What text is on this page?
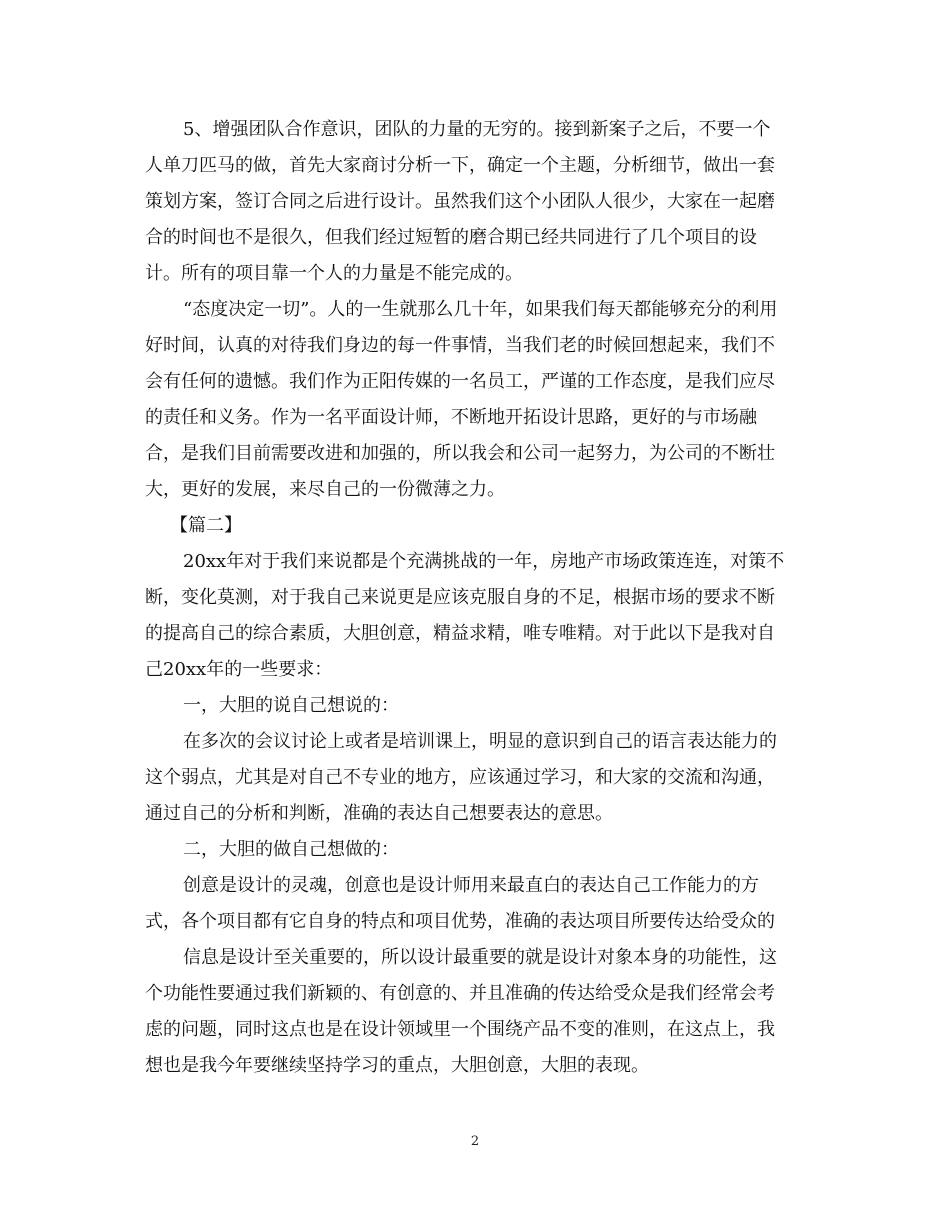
5、增强团队合作意识，团队的力量的无穷的。接到新案子之后，不要一个
人单刀匹马的做，首先大家商讨分析一下，确定一个主题，分析细节，做出一套
策划方案，签订合同之后进行设计。虽然我们这个小团队人很少，大家在一起磨
合的时间也不是很久，但我们经过短暂的磨合期已经共同进行了几个项目的设
计。所有的项目靠一个人的力量是不能完成的。
“态度决定一切”。人的一生就那么几十年，如果我们每天都能够充分的利用
好时间，认真的对待我们身边的每一件事情，当我们老的时候回想起来，我们不
会有任何的遗憾。我们作为正阳传媒的一名员工，严谨的工作态度，是我们应尽
的责任和义务。作为一名平面设计师，不断地开拓设计思路，更好的与市场融
合，是我们目前需要改进和加强的，所以我会和公司一起努力，为公司的不断壮
大，更好的发展，来尽自己的一份微薄之力。
【篇二】
20xx年对于我们来说都是个充满挑战的一年，房地产市场政策连连，对策不
断，变化莫测，对于我自己来说更是应该克服自身的不足，根据市场的要求不断
的提高自己的综合素质，大胆创意，精益求精，唯专唯精。对于此以下是我对自
己20xx年的一些要求：
一，大胆的说自己想说的：
在多次的会议讨论上或者是培训课上，明显的意识到自己的语言表达能力的
这个弱点，尤其是对自己不专业的地方，应该通过学习，和大家的交流和沟通，
通过自己的分析和判断，准确的表达自己想要表达的意思。
二，大胆的做自己想做的：
创意是设计的灵魂，创意也是设计师用来最直白的表达自己工作能力的方
式，各个项目都有它自身的特点和项目优势，准确的表达项目所要传达给受众的
信息是设计至关重要的，所以设计最重要的就是设计对象本身的功能性，这
个功能性要通过我们新颖的、有创意的、并且准确的传达给受众是我们经常会考
虑的问题，同时这点也是在设计领域里一个围绕产品不变的准则，在这点上，我
想也是我今年要继续坚持学习的重点，大胆创意，大胆的表现。
2
